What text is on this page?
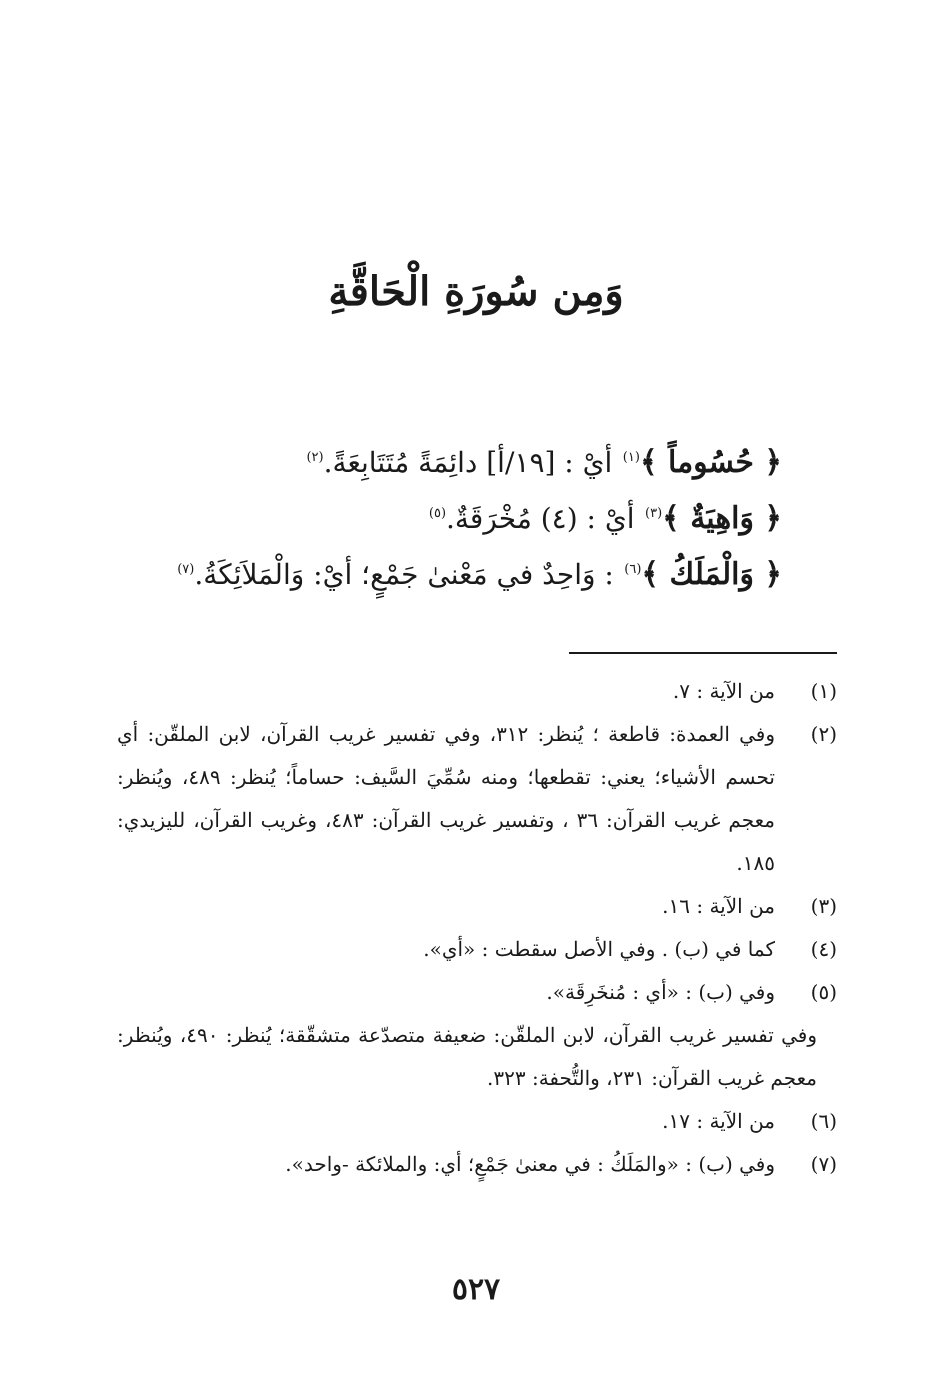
وَمِن سُورَةِ الْحَاقَّةِ
﴿ حُسُوماً ﴾$^{(١)}$ أيْ : [١٩/أ] دائِمَةً مُتَتَابِعَةً.$^{(٢)}$
﴿ وَاهِيَةٌ ﴾$^{(٣)}$ أيْ : (٤) مُخْرَقَةٌ.$^{(٥)}$
﴿ وَالْمَلَكُ ﴾$^{(٦)}$ : وَاحِدٌ في مَعْنىٰ جَمْعٍ؛ أيْ: وَالْمَلاَئِكَةُ.$^{(٧)}$
(١)
من الآية : ٧.
(٢)
وفي العمدة: قاطعة ؛ يُنظر: ٣١٢، وفي تفسير غريب القرآن، لابن الملقّن: أي تحسم الأشياء؛ يعني: تقطعها؛ ومنه سُمِّيَ السَّيف: حساماً؛ يُنظر: ٤٨٩، ويُنظر: معجم غريب القرآن: ٣٦ ، وتفسير غريب القرآن: ٤٨٣، وغريب القرآن، لليزيدي: ١٨٥.
(٣)
من الآية : ١٦.
(٤)
كما في (ب) . وفي الأصل سقطت : «أي».
(٥)
وفي (ب) : «أي : مُنخَرِقَة».
وفي تفسير غريب القرآن، لابن الملقّن: ضعيفة متصدّعة متشقّقة؛ يُنظر: ٤٩٠، ويُنظر: معجم غريب القرآن: ٢٣١، والتُّحفة: ٣٢٣.
(٦)
من الآية : ١٧.
(٧)
وفي (ب) : «والمَلَكُ : في معنىٰ جَمْعٍ؛ أي: والملائكة -واحد».
٥٢٧
